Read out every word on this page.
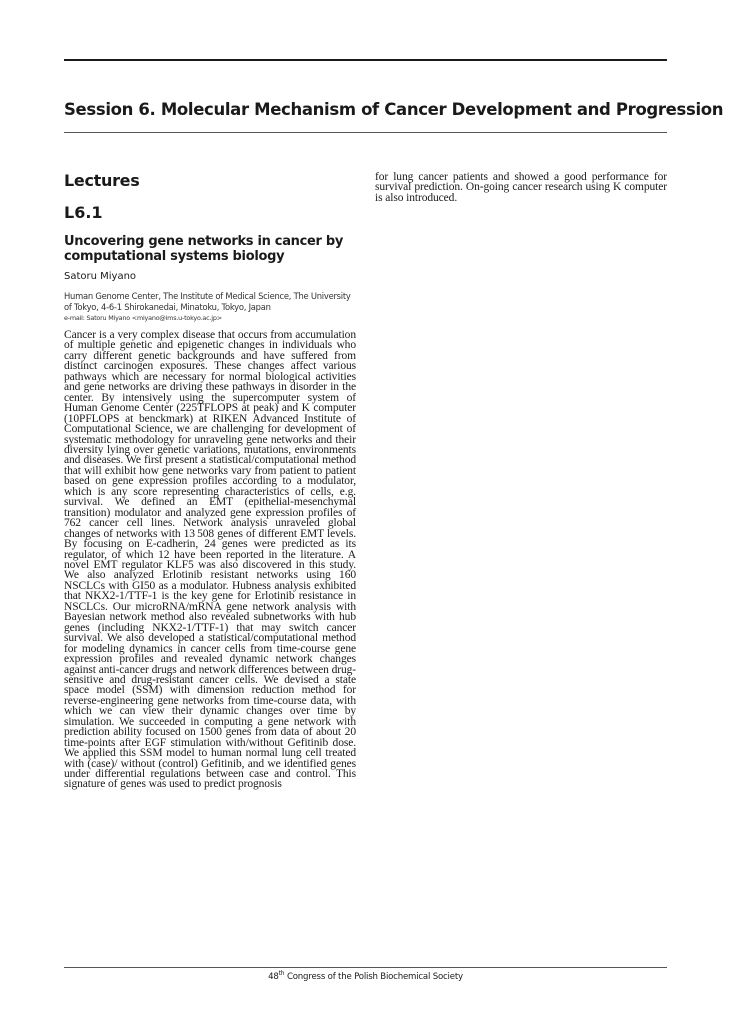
Session 6. Molecular Mechanism of Cancer Development and Progression
Lectures
L6.1
Uncovering gene networks in cancer by computational systems biology

Satoru Miyano

Human Genome Center, The Institute of Medical Science, The University of Tokyo, 4-6-1 Shirokanedai, Minatoku, Tokyo, Japan

e-mail: Satoru Miyano <miyano@ims.u-tokyo.ac.jp>

Cancer is a very complex disease that occurs from accumulation of multiple genetic and epigenetic changes in individuals who carry different genetic backgrounds and have suffered from distinct carcinogen exposures. These changes affect various pathways which are necessary for normal biological activities and gene networks are driving these pathways in disorder in the center. By intensively using the supercomputer system of Human Genome Center (225TFLOPS at peak) and K computer (10PFLOPS at benckmark) at RIKEN Advanced Institute of Computational Science, we are challenging for development of systematic methodology for unraveling gene networks and their diversity lying over genetic variations, mutations, environments and diseases. We first present a statistical/computational method that will exhibit how gene networks vary from patient to patient based on gene expression profiles according to a modulator, which is any score representing characteristics of cells, e.g. survival. We defined an EMT (epithelial-mesenchymal transition) modulator and analyzed gene expression profiles of 762 cancer cell lines. Network analysis unraveled global changes of networks with 13 508 genes of different EMT levels. By focusing on E-cadherin, 24 genes were predicted as its regulator, of which 12 have been reported in the literature. A novel EMT regulator KLF5 was also discovered in this study. We also analyzed Erlotinib resistant networks using 160 NSCLCs with GI50 as a modulator. Hubness analysis exhibited that NKX2-1/TTF-1 is the key gene for Erlotinib resistance in NSCLCs. Our microRNA/mRNA gene network analysis with Bayesian network method also revealed subnetworks with hub genes (including NKX2-1/TTF-1) that may switch cancer survival. We also developed a statistical/computational method for modeling dynamics in cancer cells from time-course gene expression profiles and revealed dynamic network changes against anti-cancer drugs and network differences between drug-sensitive and drug-resistant cancer cells. We devised a state space model (SSM) with dimension reduction method for reverse-engineering gene networks from time-course data, with which we can view their dynamic changes over time by simulation. We succeeded in computing a gene network with prediction ability focused on 1500 genes from data of about 20 time-points after EGF stimulation with/without Gefitinib dose. We applied this SSM model to human normal lung cell treated with (case)/ without (control) Gefitinib, and we identified genes under differential regulations between case and control. This signature of genes was used to predict prognosis

for lung cancer patients and showed a good performance for survival prediction. On-going cancer research using K computer is also introduced.

48th Congress of the Polish Biochemical Society
